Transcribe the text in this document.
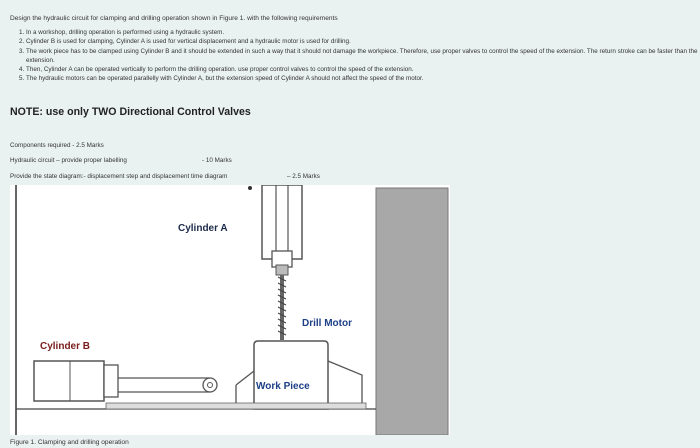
Design the hydraulic circuit for clamping and drilling operation shown in Figure 1. with the following requirements
1. In a workshop, drilling operation is performed using a hydraulic system.
2. Cylinder B is used for clamping, Cylinder A is used for vertical displacement and a hydraulic motor is used for drilling.
3. The work piece has to be clamped using Cylinder B and it should be extended in such a way that it should not damage the workpiece. Therefore, use proper valves to control the speed of the extension. The return stroke can be faster than the extension.
4. Then, Cylinder A can be operated vertically to perform the drilling operation. use proper control valves to control the speed of the extension.
5. The hydraulic motors can be operated parallelly with Cylinder A, but the extension speed of Cylinder A should not affect the speed of the motor.
NOTE: use only TWO Directional Control Valves
Components required - 2.5 Marks
Hydraulic circuit – provide proper labelling	- 10 Marks
Provide the state diagram:- displacement step and displacement time diagram	– 2.5 Marks
Cylinder A
Drill Motor
Cylinder B
Work Piece
Figure 1. Clamping and drilling operation
